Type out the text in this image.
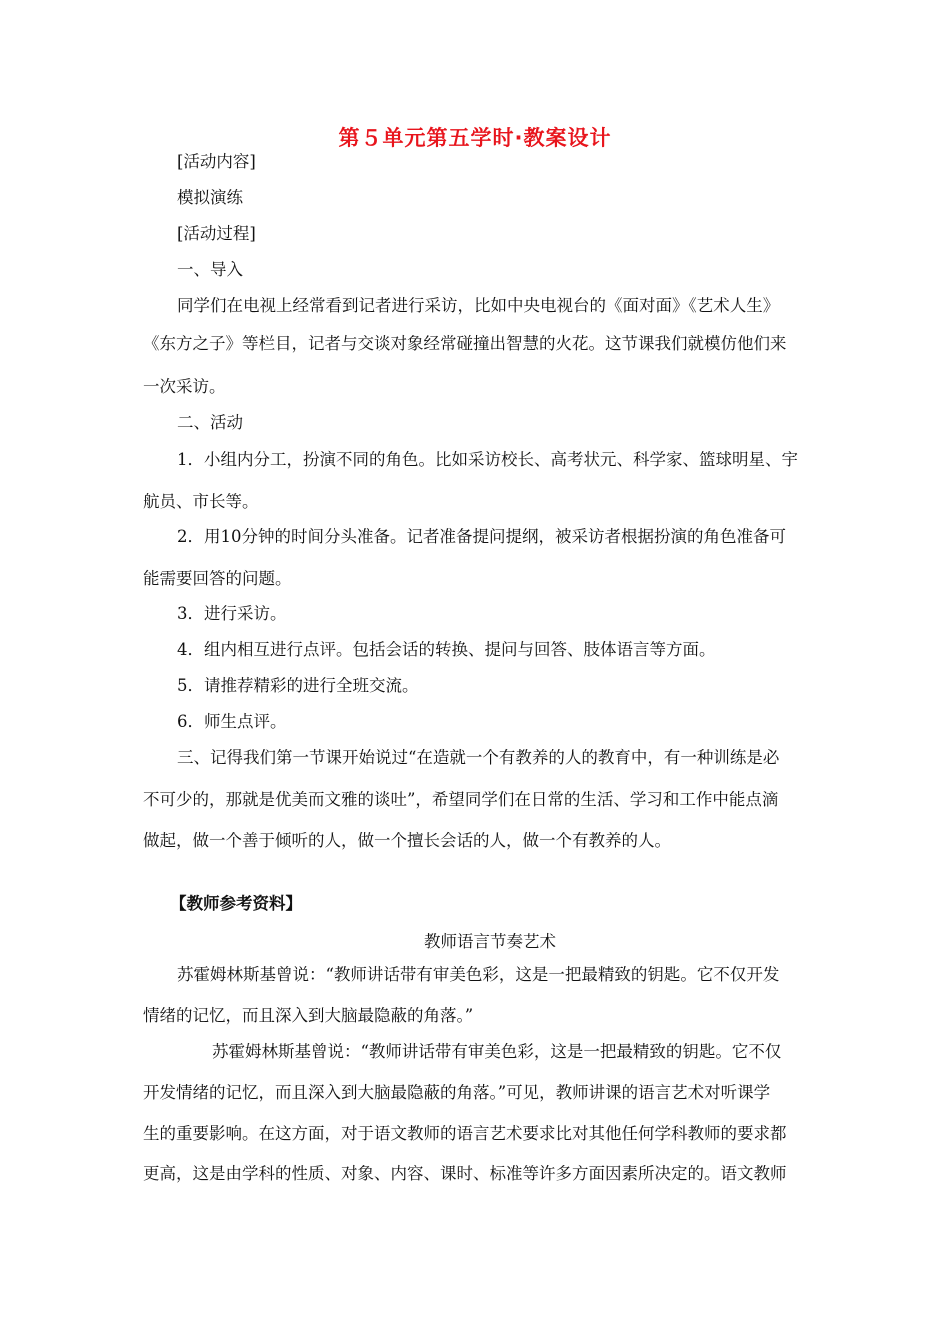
第５单元第五学时·教案设计
[活动内容]
模拟演练
[活动过程]
一、导入
同学们在电视上经常看到记者进行采访，比如中央电视台的《面对面》《艺术人生》
《东方之子》等栏目，记者与交谈对象经常碰撞出智慧的火花。这节课我们就模仿他们来
一次采访。
二、活动
1．小组内分工，扮演不同的角色。比如采访校长、高考状元、科学家、篮球明星、宇
航员、市长等。
2．用10分钟的时间分头准备。记者准备提问提纲，被采访者根据扮演的角色准备可
能需要回答的问题。
3．进行采访。
4．组内相互进行点评。包括会话的转换、提问与回答、肢体语言等方面。
5．请推荐精彩的进行全班交流。
6．师生点评。
三、记得我们第一节课开始说过“在造就一个有教养的人的教育中，有一种训练是必
不可少的，那就是优美而文雅的谈吐”，希望同学们在日常的生活、学习和工作中能点滴
做起，做一个善于倾听的人，做一个擅长会话的人，做一个有教养的人。
【教师参考资料】
教师语言节奏艺术
苏霍姆林斯基曾说：“教师讲话带有审美色彩，这是一把最精致的钥匙。它不仅开发
情绪的记忆，而且深入到大脑最隐蔽的角落。”
苏霍姆林斯基曾说：“教师讲话带有审美色彩，这是一把最精致的钥匙。它不仅
开发情绪的记忆，而且深入到大脑最隐蔽的角落。”可见，教师讲课的语言艺术对听课学
生的重要影响。在这方面，对于语文教师的语言艺术要求比对其他任何学科教师的要求都
更高，这是由学科的性质、对象、内容、课时、标准等许多方面因素所决定的。语文教师
